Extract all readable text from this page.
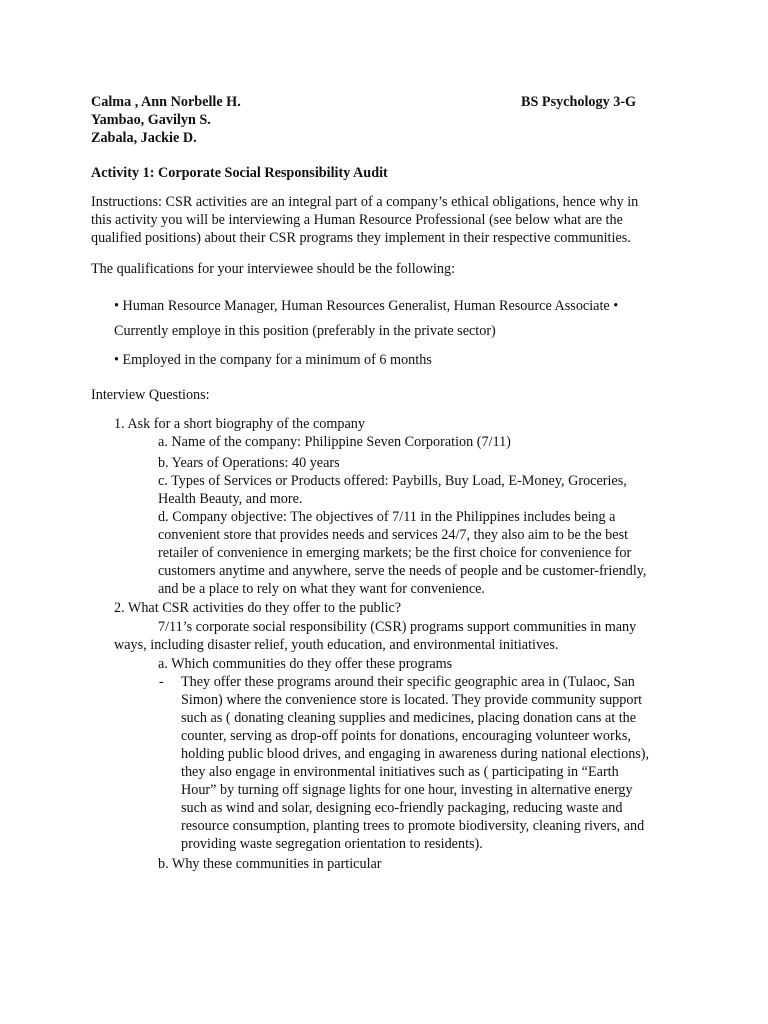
Calma , Ann Norbelle H.
Yambao, Gavilyn S.
Zabala, Jackie D.
BS Psychology 3-G
Activity 1: Corporate Social Responsibility Audit
Instructions: CSR activities are an integral part of a company’s ethical obligations, hence why in
this activity you will be interviewing a Human Resource Professional (see below what are the
qualified positions) about their CSR programs they implement in their respective communities.
The qualifications for your interviewee should be the following:
• Human Resource Manager, Human Resources Generalist, Human Resource Associate •
Currently employe in this position (preferably in the private sector)
• Employed in the company for a minimum of 6 months
Interview Questions:
1. Ask for a short biography of the company
a. Name of the company: Philippine Seven Corporation (7/11)
b. Years of Operations: 40 years
c. Types of Services or Products offered: Paybills, Buy Load, E-Money, Groceries,
Health Beauty, and more.
d. Company objective: The objectives of 7/11 in the Philippines includes being a
convenient store that provides needs and services 24/7, they also aim to be the best
retailer of convenience in emerging markets; be the first choice for convenience for
customers anytime and anywhere, serve the needs of people and be customer-friendly,
and be a place to rely on what they want for convenience.
2. What CSR activities do they offer to the public?
7/11’s corporate social responsibility (CSR) programs support communities in many
ways, including disaster relief, youth education, and environmental initiatives.
a. Which communities do they offer these programs
- They offer these programs around their specific geographic area in (Tulaoc, San
Simon) where the convenience store is located. They provide community support
such as ( donating cleaning supplies and medicines, placing donation cans at the
counter, serving as drop-off points for donations, encouraging volunteer works,
holding public blood drives, and engaging in awareness during national elections),
they also engage in environmental initiatives such as ( participating in “Earth
Hour” by turning off signage lights for one hour, investing in alternative energy
such as wind and solar, designing eco-friendly packaging, reducing waste and
resource consumption, planting trees to promote biodiversity, cleaning rivers, and
providing waste segregation orientation to residents).
b. Why these communities in particular
